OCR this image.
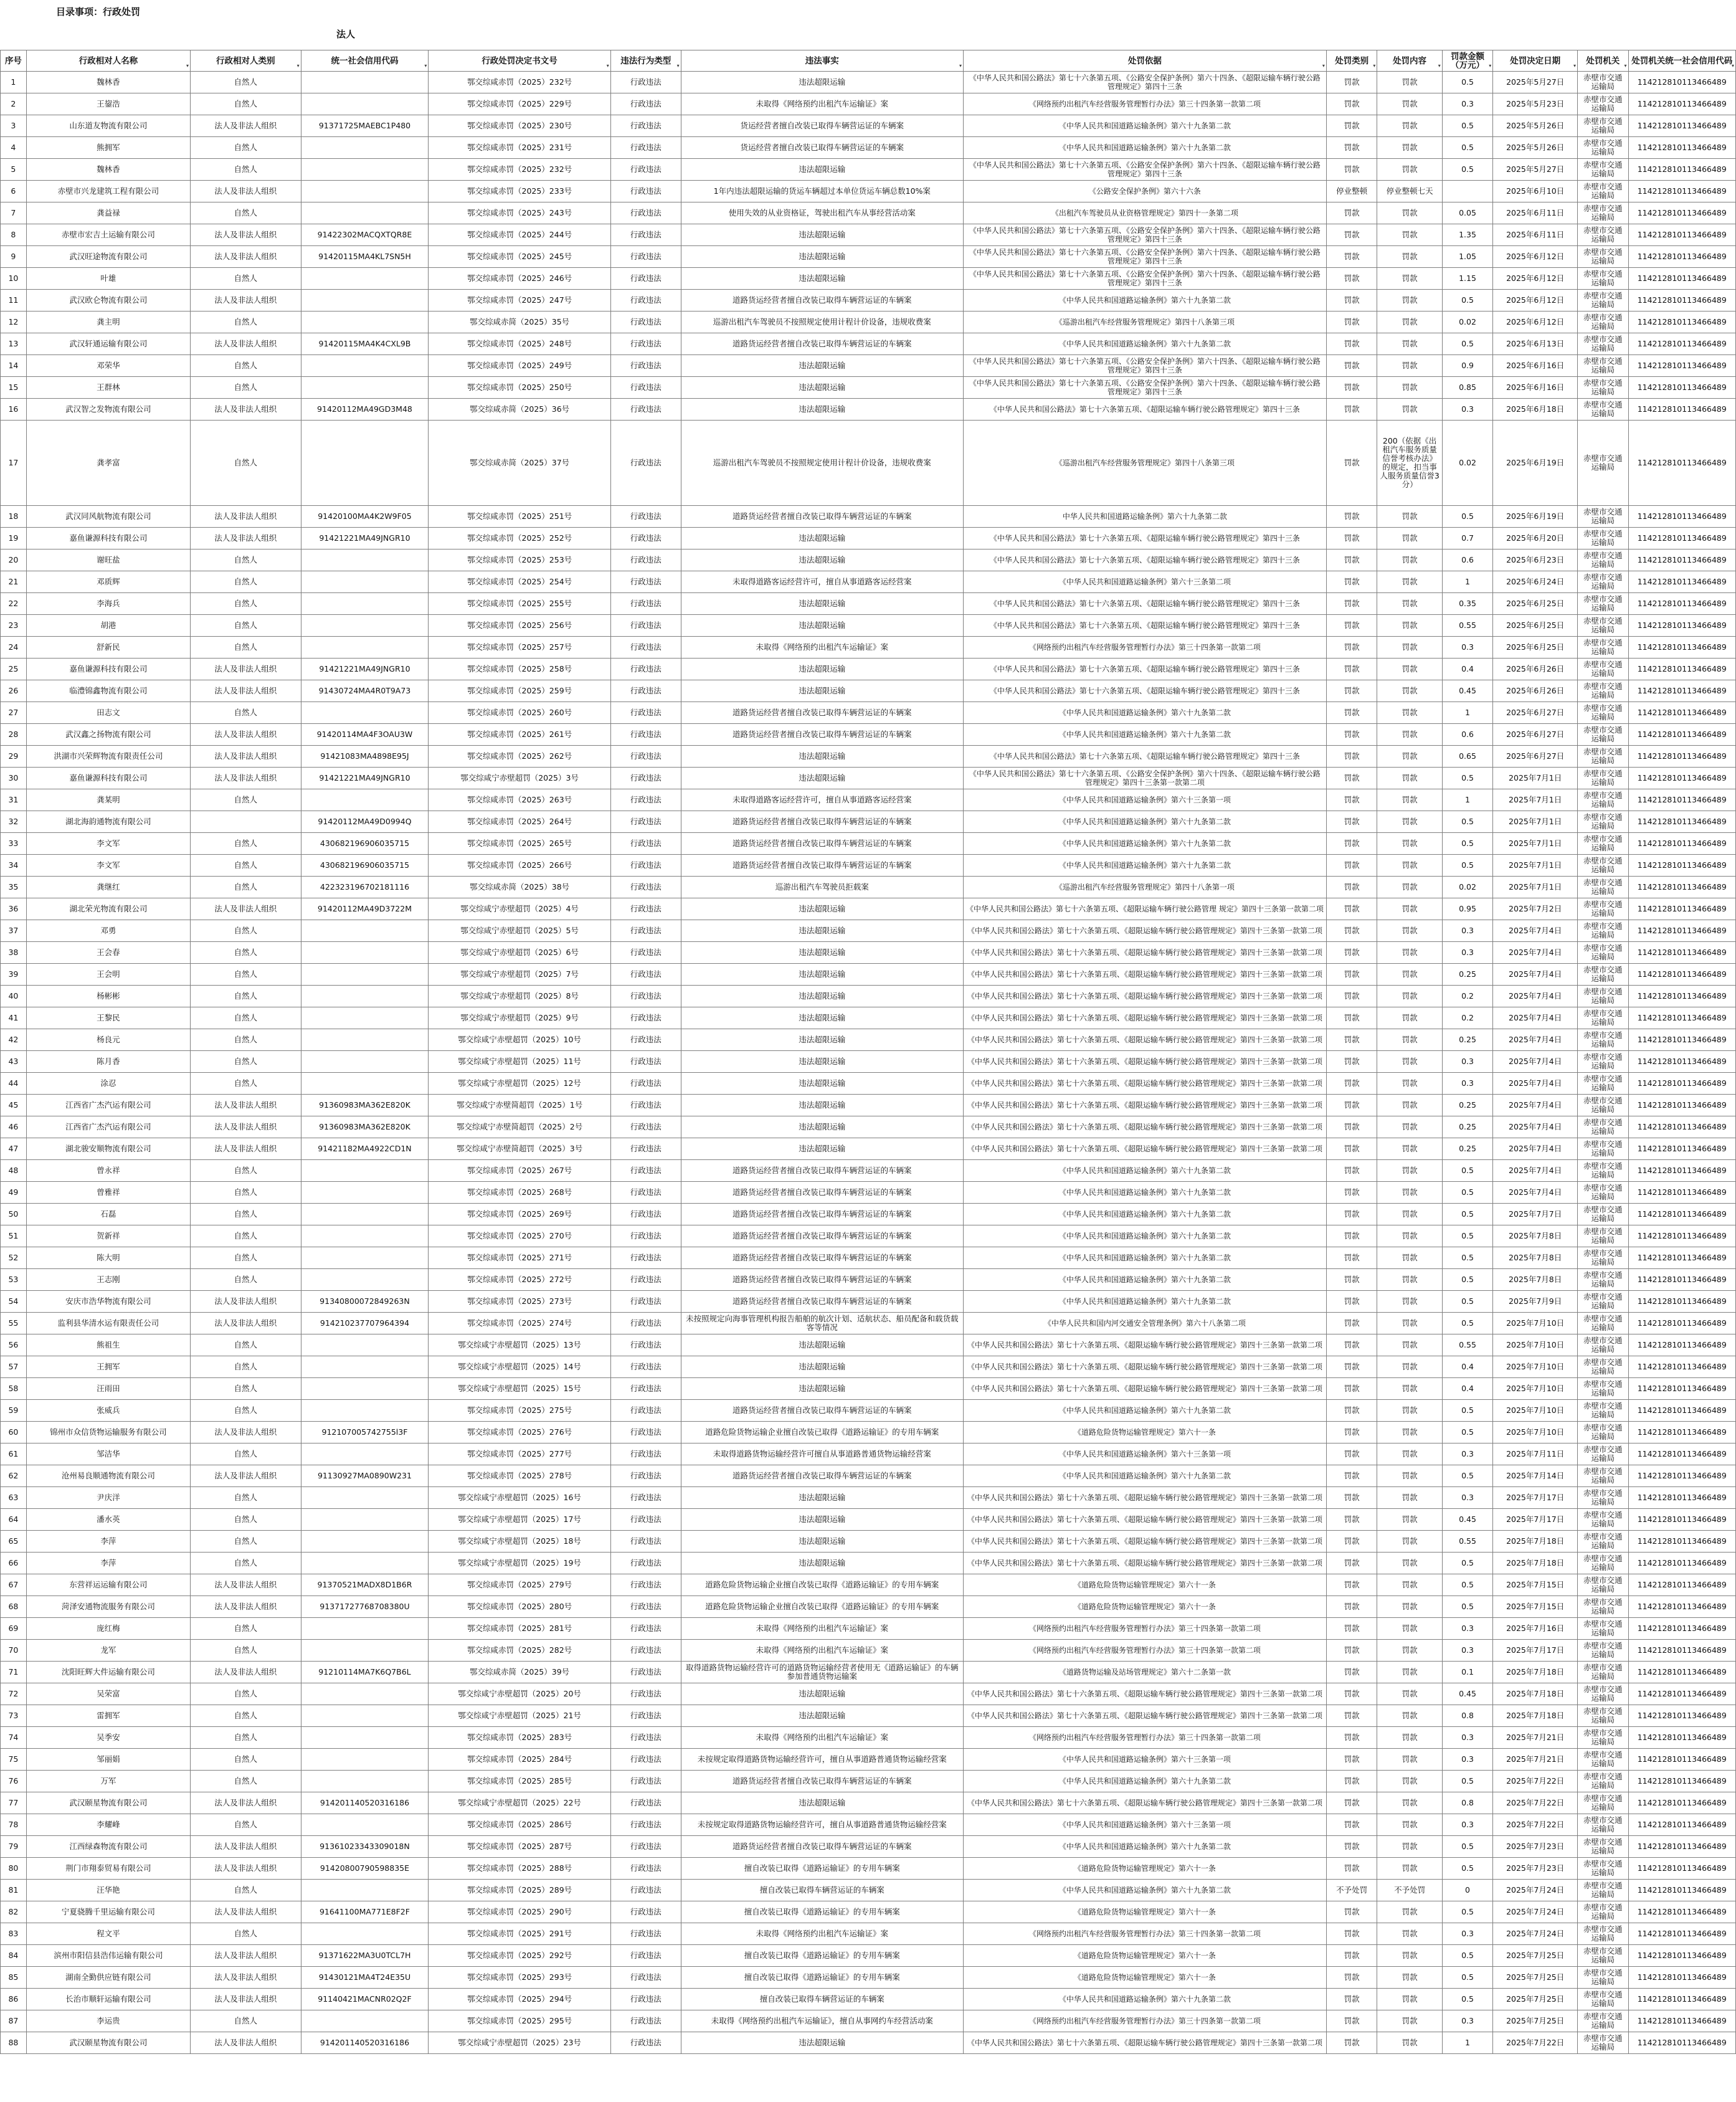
目录事项：行政处罚
法人
序号	行政相对人名称 ▾	行政相对人类别 ▾	统一社会信用代码 ▾	行政处罚决定书文号 ▾	违法行为类型 ▾	违法事实 ▾	处罚依据 ▾	处罚类别 ▾	处罚内容 ▾	罚款金额（万元） ▾	处罚决定日期 ▾	处罚机关 ▾	处罚机关统一社会信用代码
▾

1	魏林香	自然人		鄂交综咸赤罚（2025）232号	行政违法	违法超限运输	《中华人民共和国公路法》第七十六条第五项、《公路安全保护条例》第六十四条、《超限运输车辆行驶公路管理规定》第四十三条	罚款	罚款	0.5	2025年5月27日	赤壁市交通运输局	11421281011346648​9
2	王鋆浩	自然人		鄂交综咸赤罚（2025）229号	行政违法	未取得《网络预约出租汽车运输证》案	《网络预约出租汽车经营服务管理暂行办法》第三十四条第一款第二项	罚款	罚款	0.3	2025年5月23日	赤壁市交通运输局	114212810113466489
3	山东道友物流有限公司	法人及非法人组织	91371725MAEBC1P480	鄂交综咸赤罚（2025）230号	行政违法	货运经营者擅自改装已取得车辆营运证的车辆案	《中华人民共和国道路运输条例》第六十九条第二款	罚款	罚款	0.5	2025年5月26日	赤壁市交通运输局	114212810113466489
4	熊拥军	自然人		鄂交综咸赤罚（2025）231号	行政违法	货运经营者擅自改装已取得车辆营运证的车辆案	《中华人民共和国道路运输条例》第六十九条第二款	罚款	罚款	0.5	2025年5月26日	赤壁市交通运输局	114212810113466489
5	魏林香	自然人		鄂交综咸赤罚（2025）232号	行政违法	违法超限运输	《中华人民共和国公路法》第七十六条第五项、《公路安全保护条例》第六十四条、《超限运输车辆行驶公路管理规定》第四十三条	罚款	罚款	0.5	2025年5月27日	赤壁市交通运输局	114212810113466489
6	赤壁市兴龙建筑工程有限公司	法人及非法人组织		鄂交综咸赤罚（2025）233号	行政违法	1年内违法超限运输的货运车辆超过本单位货运车辆总数10%案	《公路安全保护条例》第六十六条	停业整顿	停业整顿七天		2025年6月10日	赤壁市交通运输局	114212810113466489
7	龚益禄	自然人		鄂交综咸赤罚（2025）243号	行政违法	使用失效的从业资格证，驾驶出租汽车从事经营活动案	《出租汽车驾驶员从业资格管理规定》第四十一条第二项	罚款	罚款	0.05	2025年6月11日	赤壁市交通运输局	114212810113466489
8	赤壁市宏吉土运输有限公司	法人及非法人组织	91422302MACQXTQR8E	鄂交综咸赤罚（2025）244号	行政违法	违法超限运输	《中华人民共和国公路法》第七十六条第五项、《公路安全保护条例》第六十四条、《超限运输车辆行驶公路管理规定》第四十三条	罚款	罚款	1.35	2025年6月11日	赤壁市交通运输局	114212810113466489
9	武汉旺途物流有限公司	法人及非法人组织	91420115MA4KL7SN5H	鄂交综咸赤罚（2025）245号	行政违法	违法超限运输	《中华人民共和国公路法》第七十六条第五项、《公路安全保护条例》第六十四条、《超限运输车辆行驶公路管理规定》第四十三条	罚款	罚款	1.05	2025年6月12日	赤壁市交通运输局	114212810113466489
10	叶雄	自然人		鄂交综咸赤罚（2025）246号	行政违法	违法超限运输	《中华人民共和国公路法》第七十六条第五项、《公路安全保护条例》第六十四条、《超限运输车辆行驶公路管理规定》第四十三条	罚款	罚款	1.15	2025年6月12日	赤壁市交通运输局	114212810113466489
11	武汉欧仑物流有限公司	法人及非法人组织		鄂交综咸赤罚（2025）247号	行政违法	道路货运经营者擅自改装已取得车辆营运证的车辆案	《中华人民共和国道路运输条例》第六十九条第二款	罚款	罚款	0.5	2025年6月12日	赤壁市交通运输局	114212810113466489
12	龚主明	自然人		鄂交综咸赤简（2025）35号	行政违法	巡游出租汽车驾驶员不按照规定使用计程计价设备，违规收费案	《巡游出租汽车经营服务管理规定》第四十八条第三项	罚款	罚款	0.02	2025年6月12日	赤壁市交通运输局	114212810113466489
13	武汉轩通运输有限公司	法人及非法人组织	91420115MA4K4CXL9B	鄂交综咸赤罚（2025）248号	行政违法	道路货运经营者擅自改装已取得车辆营运证的车辆案	《中华人民共和国道路运输条例》第六十九条第二款	罚款	罚款	0.5	2025年6月13日	赤壁市交通运输局	114212810113466489
14	邓荣华	自然人		鄂交综咸赤罚（2025）249号	行政违法	违法超限运输	《中华人民共和国公路法》第七十六条第五项、《公路安全保护条例》第六十四条、《超限运输车辆行驶公路管理规定》第四十三条	罚款	罚款	0.9	2025年6月16日	赤壁市交通运输局	114212810113466489
15	王群林	自然人		鄂交综咸赤罚（2025）250号	行政违法	违法超限运输	《中华人民共和国公路法》第七十六条第五项、《公路安全保护条例》第六十四条、《超限运输车辆行驶公路管理规定》第四十三条	罚款	罚款	0.85	2025年6月16日	赤壁市交通运输局	114212810113466489
16	武汉智之发物流有限公司	法人及非法人组织	91420112MA49GD3M48	鄂交综咸赤简（2025）36号	行政违法	违法超限运输	《中华人民共和国公路法》第七十六条第五项、《超限运输车辆行驶公路管理规定》第四十三条	罚款	罚款	0.3	2025年6月18日	赤壁市交通运输局	114212810113466489
17	龚孝富	自然人		鄂交综咸赤简（2025）37号	行政违法	巡游出租汽车驾驶员不按照规定使用计程计价设备，违规收费案	《巡游出租汽车经营服务管理规定》第四十八条第三项	罚款	200（依据《出租汽车服务质量信誉考核办法》的规定，扣当事人服务质量信誉3分）	0.02	2025年6月19日	赤壁市交通运输局	114212810113466489
18	武汉同风航物流有限公司	法人及非法人组织	91420100MA4K2W9F05	鄂交综咸赤罚（2025）251号	行政违法	道路货运经营者擅自改装已取得车辆营运证的车辆案	中华人民共和国道路运输条例》第六十九条第二款	罚款	罚款	0.5	2025年6月19日	赤壁市交通运输局	114212810113466489
19	嘉鱼谦源科技有限公司	法人及非法人组织	91421221MA49JNGR10	鄂交综咸赤罚（2025）252号	行政违法	违法超限运输	《中华人民共和国公路法》第七十六条第五项、《超限运输车辆行驶公路管理规定》第四十三条	罚款	罚款	0.7	2025年6月20日	赤壁市交通运输局	114212810113466489
20	谢旺盐	自然人		鄂交综咸赤罚（2025）253号	行政违法	违法超限运输	《中华人民共和国公路法》第七十六条第五项、《超限运输车辆行驶公路管理规定》第四十三条	罚款	罚款	0.6	2025年6月23日	赤壁市交通运输局	114212810113466489
21	邓质辉	自然人		鄂交综咸赤罚（2025）254号	行政违法	未取得道路客运经营许可，擅自从事道路客运经营案	《中华人民共和国道路运输条例》第六十三条第二项	罚款	罚款	1	2025年6月24日	赤壁市交通运输局	114212810113466489
22	李海兵	自然人		鄂交综咸赤罚（2025）255号	行政违法	违法超限运输	《中华人民共和国公路法》第七十六条第五项、《超限运输车辆行驶公路管理规定》第四十三条	罚款	罚款	0.35	2025年6月25日	赤壁市交通运输局	114212810113466489
23	胡港	自然人		鄂交综咸赤罚（2025）256号	行政违法	违法超限运输	《中华人民共和国公路法》第七十六条第五项、《超限运输车辆行驶公路管理规定》第四十三条	罚款	罚款	0.55	2025年6月25日	赤壁市交通运输局	114212810113466489
24	舒新民	自然人		鄂交综咸赤罚（2025）257号	行政违法	未取得《网络预约出租汽车运输证》案	《网络预约出租汽车经营服务管理暂行办法》第三十四条第一款第二项	罚款	罚款	0.3	2025年6月25日	赤壁市交通运输局	114212810113466489
25	嘉鱼谦源科技有限公司	法人及非法人组织	91421221MA49JNGR10	鄂交综咸赤罚（2025）258号	行政违法	违法超限运输	《中华人民共和国公路法》第七十六条第五项、《超限运输车辆行驶公路管理规定》第四十三条	罚款	罚款	0.4	2025年6月26日	赤壁市交通运输局	114212810113466489
26	临澧锦鑫物流有限公司	法人及非法人组织	91430724MA4R0T9A73	鄂交综咸赤罚（2025）259号	行政违法	违法超限运输	《中华人民共和国公路法》第七十六条第五项、《超限运输车辆行驶公路管理规定》第四十三条	罚款	罚款	0.45	2025年6月26日	赤壁市交通运输局	114212810113466489
27	田志文	自然人		鄂交综咸赤罚（2025）260号	行政违法	道路货运经营者擅自改装已取得车辆营运证的车辆案	《中华人民共和国道路运输条例》第六十九条第二款	罚款	罚款	1	2025年6月27日	赤壁市交通运输局	114212810113466489
28	武汉鑫之扬物流有限公司	法人及非法人组织	91420114MA4F3OAU3W	鄂交综咸赤罚（2025）261号	行政违法	道路货运经营者擅自改装已取得车辆营运证的车辆案	《中华人民共和国道路运输条例》第六十九条第二款	罚款	罚款	0.6	2025年6月27日	赤壁市交通运输局	114212810113466489
29	洪湖市兴荣辉物流有限责任公司	法人及非法人组织	91421083MA4898E95J	鄂交综咸赤罚（2025）262号	行政违法	违法超限运输	《中华人民共和国公路法》第七十六条第五项、《超限运输车辆行驶公路管理规定》第四十三条	罚款	罚款	0.65	2025年6月27日	赤壁市交通运输局	114212810113466489
30	嘉鱼谦源科技有限公司	法人及非法人组织	91421221MA49JNGR10	鄂交综咸宁赤壁超罚（2025）3号	行政违法	违法超限运输	《中华人民共和国公路法》第七十六条第五项、《公路安全保护条例》第六十四条、《超限运输车辆行驶公路管理规定》第四十三条第一款第二项	罚款	罚款	0.5	2025年7月1日	赤壁市交通运输局	114212810113466489
31	龚某明	自然人		鄂交综咸赤罚（2025）263号	行政违法	未取得道路客运经营许可，擅自从事道路客运经营案	《中华人民共和国道路运输条例》第六十三条第一项	罚款	罚款	1	2025年7月1日	赤壁市交通运输局	114212810113466489
32	湖北海韵通物流有限公司		91420112MA49D0994Q	鄂交综咸赤罚（2025）264号	行政违法	道路货运经营者擅自改装已取得车辆营运证的车辆案	《中华人民共和国道路运输条例》第六十九条第二款	罚款	罚款	0.5	2025年7月1日	赤壁市交通运输局	114212810113466489
33	李文军	自然人	430682196906035715	鄂交综咸赤罚（2025）265号	行政违法	道路货运经营者擅自改装已取得车辆营运证的车辆案	《中华人民共和国道路运输条例》第六十九条第二款	罚款	罚款	0.5	2025年7月1日	赤壁市交通运输局	114212810113466489
34	李文军	自然人	430682196906035715	鄂交综咸赤罚（2025）266号	行政违法	道路货运经营者擅自改装已取得车辆营运证的车辆案	《中华人民共和国道路运输条例》第六十九条第二款	罚款	罚款	0.5	2025年7月1日	赤壁市交通运输局	114212810113466489
35	龚继红	自然人	422323196702181116	鄂交综咸赤简（2025）38号	行政违法	巡游出租汽车驾驶员拒载案	《巡游出租汽车经营服务管理规定》第四十八条第一项	罚款	罚款	0.02	2025年7月1日	赤壁市交通运输局	114212810113466489
36	湖北荣光物流有限公司	法人及非法人组织	91420112MA49D3722M	鄂交综咸宁赤壁超罚（2025）4号	行政违法	违法超限运输	《中华人民共和国公路法》第七十六条第五项、《超限运输车辆行驶公路管理 规定》第四十三条第一款第二项	罚款	罚款	0.95	2025年7月2日	赤壁市交通运输局	114212810113466489
37	邓勇	自然人		鄂交综咸宁赤壁超罚（2025）5号	行政违法	违法超限运输	《中华人民共和国公路法》第七十六条第五项、《超限运输车辆行驶公路管理规定》第四十三条第一款第二项	罚款	罚款	0.3	2025年7月4日	赤壁市交通运输局	114212810113466489
38	王会春	自然人		鄂交综咸宁赤壁超罚（2025）6号	行政违法	违法超限运输	《中华人民共和国公路法》第七十六条第五项、《超限运输车辆行驶公路管理规定》第四十三条第一款第二项	罚款	罚款	0.3	2025年7月4日	赤壁市交通运输局	114212810113466489
39	王会明	自然人		鄂交综咸宁赤壁超罚（2025）7号	行政违法	违法超限运输	《中华人民共和国公路法》第七十六条第五项、《超限运输车辆行驶公路管理规定》第四十三条第一款第二项	罚款	罚款	0.25	2025年7月4日	赤壁市交通运输局	114212810113466489
40	杨彬彬	自然人		鄂交综咸宁赤壁超罚（2025）8号	行政违法	违法超限运输	《中华人民共和国公路法》第七十六条第五项、《超限运输车辆行驶公路管理规定》第四十三条第一款第二项	罚款	罚款	0.2	2025年7月4日	赤壁市交通运输局	114212810113466489
41	王黎民	自然人		鄂交综咸宁赤壁超罚（2025）9号	行政违法	违法超限运输	《中华人民共和国公路法》第七十六条第五项、《超限运输车辆行驶公路管理规定》第四十三条第一款第二项	罚款	罚款	0.2	2025年7月4日	赤壁市交通运输局	114212810113466489
42	杨良元	自然人		鄂交综咸宁赤壁超罚（2025）10号	行政违法	违法超限运输	《中华人民共和国公路法》第七十六条第五项、《超限运输车辆行驶公路管理规定》第四十三条第一款第二项	罚款	罚款	0.25	2025年7月4日	赤壁市交通运输局	114212810113466489
43	陈月香	自然人		鄂交综咸宁赤壁超罚（2025）11号	行政违法	违法超限运输	《中华人民共和国公路法》第七十六条第五项、《超限运输车辆行驶公路管理规定》第四十三条第一款第二项	罚款	罚款	0.3	2025年7月4日	赤壁市交通运输局	114212810113466489
44	涂忍	自然人		鄂交综咸宁赤壁超罚（2025）12号	行政违法	违法超限运输	《中华人民共和国公路法》第七十六条第五项、《超限运输车辆行驶公路管理规定》第四十三条第一款第二项	罚款	罚款	0.3	2025年7月4日	赤壁市交通运输局	114212810113466489
45	江西省广杰汽运有限公司	法人及非法人组织	91360983MA362E820K	鄂交综咸宁赤壁简超罚（2025）1号	行政违法	违法超限运输	《中华人民共和国公路法》第七十六条第五项、《超限运输车辆行驶公路管理规定》第四十三条第一款第二项	罚款	罚款	0.25	2025年7月4日	赤壁市交通运输局	114212810113466489
46	江西省广杰汽运有限公司	法人及非法人组织	91360983MA362E820K	鄂交综咸宁赤壁简超罚（2025）2号	行政违法	违法超限运输	《中华人民共和国公路法》第七十六条第五项、《超限运输车辆行驶公路管理规定》第四十三条第一款第二项	罚款	罚款	0.25	2025年7月4日	赤壁市交通运输局	114212810113466489
47	湖北骏安顺物流有限公司	法人及非法人组织	91421182MA4922CD1N	鄂交综咸宁赤壁简超罚（2025）3号	行政违法	违法超限运输	《中华人民共和国公路法》第七十六条第五项、《超限运输车辆行驶公路管理规定》第四十三条第一款第二项	罚款	罚款	0.25	2025年7月4日	赤壁市交通运输局	114212810113466489
48	曾永祥	自然人		鄂交综咸赤罚（2025）267号	行政违法	道路货运经营者擅自改装已取得车辆营运证的车辆案	《中华人民共和国道路运输条例》第六十九条第二款	罚款	罚款	0.5	2025年7月4日	赤壁市交通运输局	114212810113466489
49	曾雅祥	自然人		鄂交综咸赤罚（2025）268号	行政违法	道路货运经营者擅自改装已取得车辆营运证的车辆案	《中华人民共和国道路运输条例》第六十九条第二款	罚款	罚款	0.5	2025年7月4日	赤壁市交通运输局	114212810113466489
50	石磊	自然人		鄂交综咸赤罚（2025）269号	行政违法	道路货运经营者擅自改装已取得车辆营运证的车辆案	《中华人民共和国道路运输条例》第六十九条第二款	罚款	罚款	0.5	2025年7月7日	赤壁市交通运输局	114212810113466489
51	贺新祥	自然人		鄂交综咸赤罚（2025）270号	行政违法	道路货运经营者擅自改装已取得车辆营运证的车辆案	《中华人民共和国道路运输条例》第六十九条第二款	罚款	罚款	0.5	2025年7月8日	赤壁市交通运输局	114212810113466489
52	陈大明	自然人		鄂交综咸赤罚（2025）271号	行政违法	道路货运经营者擅自改装已取得车辆营运证的车辆案	《中华人民共和国道路运输条例》第六十九条第二款	罚款	罚款	0.5	2025年7月8日	赤壁市交通运输局	114212810113466489
53	王志刚	自然人		鄂交综咸赤罚（2025）272号	行政违法	道路货运经营者擅自改装已取得车辆营运证的车辆案	《中华人民共和国道路运输条例》第六十九条第二款	罚款	罚款	0.5	2025年7月8日	赤壁市交通运输局	114212810113466489
54	安庆市浩华物流有限公司	法人及非法人组织	91340800072849263N	鄂交综咸赤罚（2025）273号	行政违法	道路货运经营者擅自改装已取得车辆营运证的车辆案	《中华人民共和国道路运输条例》第六十九条第二款	罚款	罚款	0.5	2025年7月9日	赤壁市交通运输局	114212810113466489
55	监利县华清水运有限责任公司	法人及非法人组织	914210237707964394	鄂交综咸赤罚（2025）274号	行政违法	未按照规定向海事管理机构报告船舶的航次计划、适航状态、船员配备和载货载客等情况	《中华人民共和国内河交通安全管理条例》第六十八条第二项	罚款	罚款	0.5	2025年7月10日	赤壁市交通运输局	114212810113466489
56	熊祖生	自然人		鄂交综咸宁赤壁超罚（2025）13号	行政违法	违法超限运输	《中华人民共和国公路法》第七十六条第五项、《超限运输车辆行驶公路管理规定》第四十三条第一款第二项	罚款	罚款	0.55	2025年7月10日	赤壁市交通运输局	114212810113466489
57	王拥军	自然人		鄂交综咸宁赤壁超罚（2025）14号	行政违法	违法超限运输	《中华人民共和国公路法》第七十六条第五项、《超限运输车辆行驶公路管理规定》第四十三条第一款第二项	罚款	罚款	0.4	2025年7月10日	赤壁市交通运输局	114212810113466489
58	汪雨田	自然人		鄂交综咸宁赤壁超罚（2025）15号	行政违法	违法超限运输	《中华人民共和国公路法》第七十六条第五项、《超限运输车辆行驶公路管理规定》第四十三条第一款第二项	罚款	罚款	0.4	2025年7月10日	赤壁市交通运输局	114212810113466489
59	张威兵	自然人		鄂交综咸赤罚（2025）275号	行政违法	道路货运经营者擅自改装已取得车辆营运证的车辆案	《中华人民共和国道路运输条例》第六十九条第二款	罚款	罚款	0.5	2025年7月10日	赤壁市交通运输局	114212810113466489
60	锦州市众信货物运输服务有限公司	法人及非法人组织	912107005742755l3F	鄂交综咸赤罚（2025）276号	行政违法	道路危险货物运输企业擅自改装已取得《道路运输证》的专用车辆案	《道路危险货物运输管理规定》第六十一条	罚款	罚款	0.5	2025年7月10日	赤壁市交通运输局	114212810113466489
61	邹洁华	自然人		鄂交综咸赤罚（2025）277号	行政违法	未取得道路货物运输经营许可擅自从事道路普通货物运输经营案	《中华人民共和国道路运输条例》第六十三条第一项	罚款	罚款	0.3	2025年7月11日	赤壁市交通运输局	114212810113466489
62	沧州易良顺通物流有限公司	法人及非法人组织	91130927MA0890W231	鄂交综咸赤罚（2025）278号	行政违法	道路货运经营者擅自改装已取得车辆营运证的车辆案	《中华人民共和国道路运输条例》第六十九条第二款	罚款	罚款	0.5	2025年7月14日	赤壁市交通运输局	114212810113466489
63	尹庆洋	自然人		鄂交综咸宁赤壁超罚（2025）16号	行政违法	违法超限运输	《中华人民共和国公路法》第七十六条第五项、《超限运输车辆行驶公路管理规定》第四十三条第一款第二项	罚款	罚款	0.3	2025年7月17日	赤壁市交通运输局	114212810113466489
64	潘水英	自然人		鄂交综咸宁赤壁超罚（2025）17号	行政违法	违法超限运输	《中华人民共和国公路法》第七十六条第五项、《超限运输车辆行驶公路管理规定》第四十三条第一款第二项	罚款	罚款	0.45	2025年7月17日	赤壁市交通运输局	114212810113466489
65	李萍	自然人		鄂交综咸宁赤壁超罚（2025）18号	行政违法	违法超限运输	《中华人民共和国公路法》第七十六条第五项、《超限运输车辆行驶公路管理规定》第四十三条第一款第二项	罚款	罚款	0.55	2025年7月18日	赤壁市交通运输局	114212810113466489
66	李萍	自然人		鄂交综咸宁赤壁超罚（2025）19号	行政违法	违法超限运输	《中华人民共和国公路法》第七十六条第五项、《超限运输车辆行驶公路管理规定》第四十三条第一款第二项	罚款	罚款	0.5	2025年7月18日	赤壁市交通运输局	114212810113466489
67	东营祥运运输有限公司	法人及非法人组织	91370521MADX8D1B6R	鄂交综咸赤罚（2025）279号	行政违法	道路危险货物运输企业擅自改装已取得《道路运输证》的专用车辆案	《道路危险货物运输管理规定》第六十一条	罚款	罚款	0.5	2025年7月15日	赤壁市交通运输局	114212810113466489
68	菏泽安通物流服务有限公司	法人及非法人组织	91371727768708380U	鄂交综咸赤罚（2025）280号	行政违法	道路危险货物运输企业擅自改装已取得《道路运输证》的专用车辆案	《道路危险货物运输管理规定》第六十一条	罚款	罚款	0.5	2025年7月15日	赤壁市交通运输局	114212810113466489
69	庞红梅	自然人		鄂交综咸赤罚（2025）281号	行政违法	未取得《网络预约出租汽车运输证》案	《网络预约出租汽车经营服务管理暂行办法》第三十四条第一款第二项	罚款	罚款	0.3	2025年7月16日	赤壁市交通运输局	114212810113466489
70	龙军	自然人		鄂交综咸赤罚（2025）282号	行政违法	未取得《网络预约出租汽车运输证》案	《网络预约出租汽车经营服务管理暂行办法》第三十四条第一款第二项	罚款	罚款	0.3	2025年7月17日	赤壁市交通运输局	114212810113466489
71	沈阳旺辉大件运输有限公司	法人及非法人组织	91210114MA7K6Q7B6L	鄂交综咸赤简（2025）39号	行政违法	取得道路货物运输经营许可的道路货物运输经营者使用无《道路运输证》的车辆参加普通货物运输案	《道路货物运输及站场管理规定》第六十二条第一款	罚款	罚款	0.1	2025年7月18日	赤壁市交通运输局	114212810113466489
72	吴荣富	自然人		鄂交综咸宁赤壁超罚（2025）20号	行政违法	违法超限运输	《中华人民共和国公路法》第七十六条第五项、《超限运输车辆行驶公路管理规定》第四十三条第一款第二项	罚款	罚款	0.45	2025年7月18日	赤壁市交通运输局	114212810113466489
73	雷拥军	自然人		鄂交综咸宁赤壁超罚（2025）21号	行政违法	违法超限运输	《中华人民共和国公路法》第七十六条第五项、《超限运输车辆行驶公路管理规定》第四十三条第一款第二项	罚款	罚款	0.8	2025年7月18日	赤壁市交通运输局	114212810113466489
74	吴季安	自然人		鄂交综咸赤罚（2025）283号	行政违法	未取得《网络预约出租汽车运输证》案	《网络预约出租汽车经营服务管理暂行办法》第三十四条第一款第二项	罚款	罚款	0.3	2025年7月21日	赤壁市交通运输局	114212810113466489
75	邹丽娟	自然人		鄂交综咸赤罚（2025）284号	行政违法	未按规定取得道路货物运输经营许可，擅自从事道路普通货物运输经营案	《中华人民共和国道路运输条例》第六十三条第一项	罚款	罚款	0.3	2025年7月21日	赤壁市交通运输局	114212810113466489
76	万军	自然人		鄂交综咸赤罚（2025）285号	行政违法	道路货运经营者擅自改装已取得车辆营运证的车辆案	《中华人民共和国道路运输条例》第六十九条第二款	罚款	罚款	0.5	2025年7月22日	赤壁市交通运输局	114212810113466489
77	武汉颐星物流有限公司	法人及非法人组织	914201140520316186	鄂交综咸宁赤壁超罚（2025）22号	行政违法	违法超限运输	《中华人民共和国公路法》第七十六条第五项、《超限运输车辆行驶公路管理规定》第四十三条第一款第二项	罚款	罚款	0.8	2025年7月22日	赤壁市交通运输局	114212810113466489
78	李耀峰	自然人		鄂交综咸赤罚（2025）286号	行政违法	未按规定取得道路货物运输经营许可，擅自从事道路普通货物运输经营案	《中华人民共和国道路运输条例》第六十三条第一项	罚款	罚款	0.3	2025年7月22日	赤壁市交通运输局	114212810113466489
79	江西绿森物流有限公司	法人及非法人组织	91361023343309018N	鄂交综咸赤罚（2025）287号	行政违法	道路货运经营者擅自改装已取得车辆营运证的车辆案	《中华人民共和国道路运输条例》第六十九条第二款	罚款	罚款	0.5	2025年7月23日	赤壁市交通运输局	114212810113466489
80	荆门市翔泰贸易有限公司	法人及非法人组织	91420800790598835E	鄂交综咸赤罚（2025）288号	行政违法	擅自改装已取得《道路运输证》的专用车辆案	《道路危险货物运输管理规定》第六十一条	罚款	罚款	0.5	2025年7月23日	赤壁市交通运输局	114212810113466489
81	汪华艳	自然人		鄂交综咸赤罚（2025）289号	行政违法	擅自改装已取得车辆营运证的车辆案	《中华人民共和国道路运输条例》第六十九条第二款	不予处罚	不予处罚	0	2025年7月24日	赤壁市交通运输局	114212810113466489
82	宁夏骁腾千里运输有限公司	法人及非法人组织	91641100MA771E8F2F	鄂交综咸赤罚（2025）290号	行政违法	擅自改装已取得《道路运输证》的专用车辆案	《道路危险货物运输管理规定》第六十一条	罚款	罚款	0.5	2025年7月24日	赤壁市交通运输局	114212810113466489
83	程文平	自然人		鄂交综咸赤罚（2025）291号	行政违法	未取得《网络预约出租汽车运输证》案	《网络预约出租汽车经营服务管理暂行办法》第三十四条第一款第二项	罚款	罚款	0.3	2025年7月24日	赤壁市交通运输局	114212810113466489
84	滨州市阳信县浩伟运输有限公司	法人及非法人组织	91371622MA3U0TCL7H	鄂交综咸赤罚（2025）292号	行政违法	擅自改装已取得《道路运输证》的专用车辆案	《道路危险货物运输管理规定》第六十一条	罚款	罚款	0.5	2025年7月25日	赤壁市交通运输局	114212810113466489
85	湖南全勤供应链有限公司	法人及非法人组织	91430121MA4T24E35U	鄂交综咸赤罚（2025）293号	行政违法	擅自改装已取得《道路运输证》的专用车辆案	《道路危险货物运输管理规定》第六十一条	罚款	罚款	0.5	2025年7月25日	赤壁市交通运输局	114212810113466489
86	长治市顺轩运输有限公司	法人及非法人组织	91140421MACNR02Q2F	鄂交综咸赤罚（2025）294号	行政违法	擅自改装已取得车辆营运证的车辆案	《中华人民共和国道路运输条例》第六十九条第二款	罚款	罚款	0.5	2025年7月25日	赤壁市交通运输局	114212810113466489
87	李运贵	自然人		鄂交综咸赤罚（2025）295号	行政违法	未取得《网络预约出租汽车运输证》，擅自从事网约车经营活动案	《网络预约出租汽车经营服务管理暂行办法》第三十四条第一款第二项	罚款	罚款	0.3	2025年7月25日	赤壁市交通运输局	114212810113466489
88	武汉颐星物流有限公司	法人及非法人组织	914201140520316186	鄂交综咸宁赤壁超罚（2025）23号	行政违法	违法超限运输	《中华人民共和国公路法》第七十六条第五项、《超限运输车辆行驶公路管理规定》第四十三条第一款第二项	罚款	罚款	1	2025年7月22日	赤壁市交通运输局	114212810113466489
